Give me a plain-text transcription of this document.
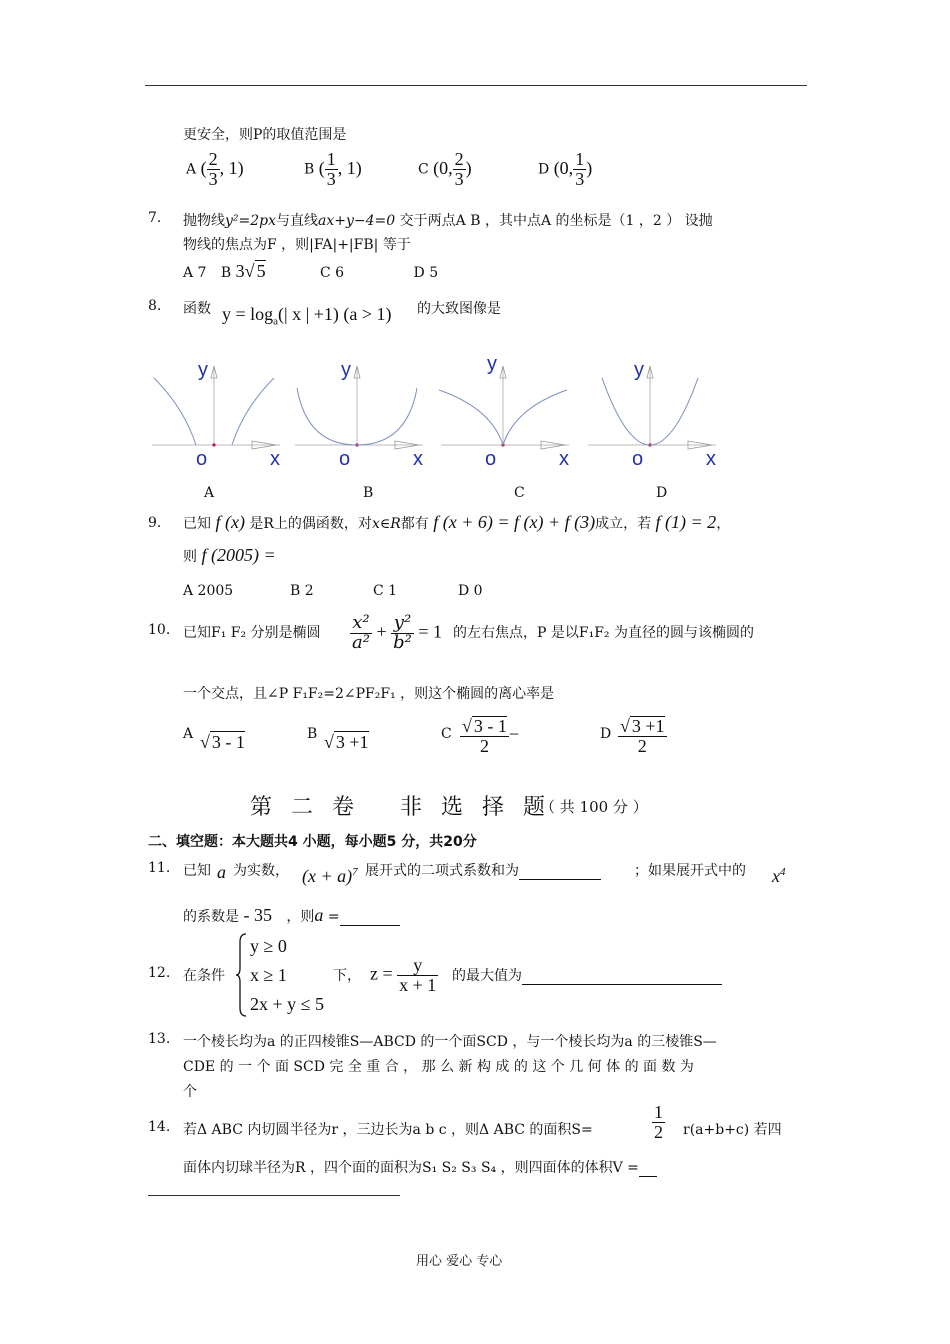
更安全，则P的取值范围是
A ( $\frac{2}{3}$ , 1)	B ( $\frac{1}{3}$ , 1)	C (0, $\frac{2}{3}$ )	D (0, $\frac{1}{3}$ )
7. 抛物线y²=2px与直线ax+y−4=0 交于两点A B ，其中点A 的坐标是（1 ，2 ） 设抛
物线的焦点为F ，则|FA|+|FB| 等于
A 7 B 3√ 5	C 6	D 5
8. 函数 $y = \log_a(|$ x | +1) (a > 1) 的大致图像是
y
o	x
y
o	x
y
o	x
y
o	x
A	B	C	D
9. 已知 f (x) 是R上的偶函数，对x∈R都有 f (x + 6) = f (x) + f (3)成立，若 f (1) = 2，
则 f (2005) =
A 2005	B 2	C 1	D 0
10. 已知F₁ F₂ 分别是椭圆 $\frac{\text{x²}}{\text{a²}} + \frac{\text{y²}}{\text{b²}} = 1$ 的左右焦点，P 是以F₁F₂ 为直径的圆与该椭圆的
一个交点，且∠P F₁F₂=2∠PF₂F₁ ，则这个椭圆的离心率是
A √ 3 - 1	B √ 3 +1	C $\frac{√ 3 - 1}{2}$ −	D $\frac{√ 3 +1}{2}$
第 二 卷 非 选 择 题
（ 共 100 分 ）
二、填空题：本大题共4 小题，每小题5 分，共20分
11. 已知 a 为实数， $(x + a)^7$ 展开式的二项式系数和为	；如果展开式中的 $x^4$
的系数是 - 35 ，则a =
12. 在条件
y ≥ 0
x ≥ 1
2x + y ≤ 5
下， $z = \frac{y}{x + 1}$ 的最大值为
13. 一个棱长均为a 的正四棱锥S—ABCD 的一个面SCD ，与一个棱长均为a 的三棱锥S—
CDE 的 一 个 面 SCD 完 全 重 合 ， 那 么 新 构 成 的 这 个 几 何 体 的 面 数 为
个
14. 若Δ ABC 内切圆半径为r ，三边长为a b c ，则Δ ABC 的面积S=	$\frac{1}{2} r(a+b+c)$ 若四
面体内切球半径为R ，四个面的面积为S₁ S₂ S₃ S₄ ，则四面体的体积V =
用心 爱心 专心
